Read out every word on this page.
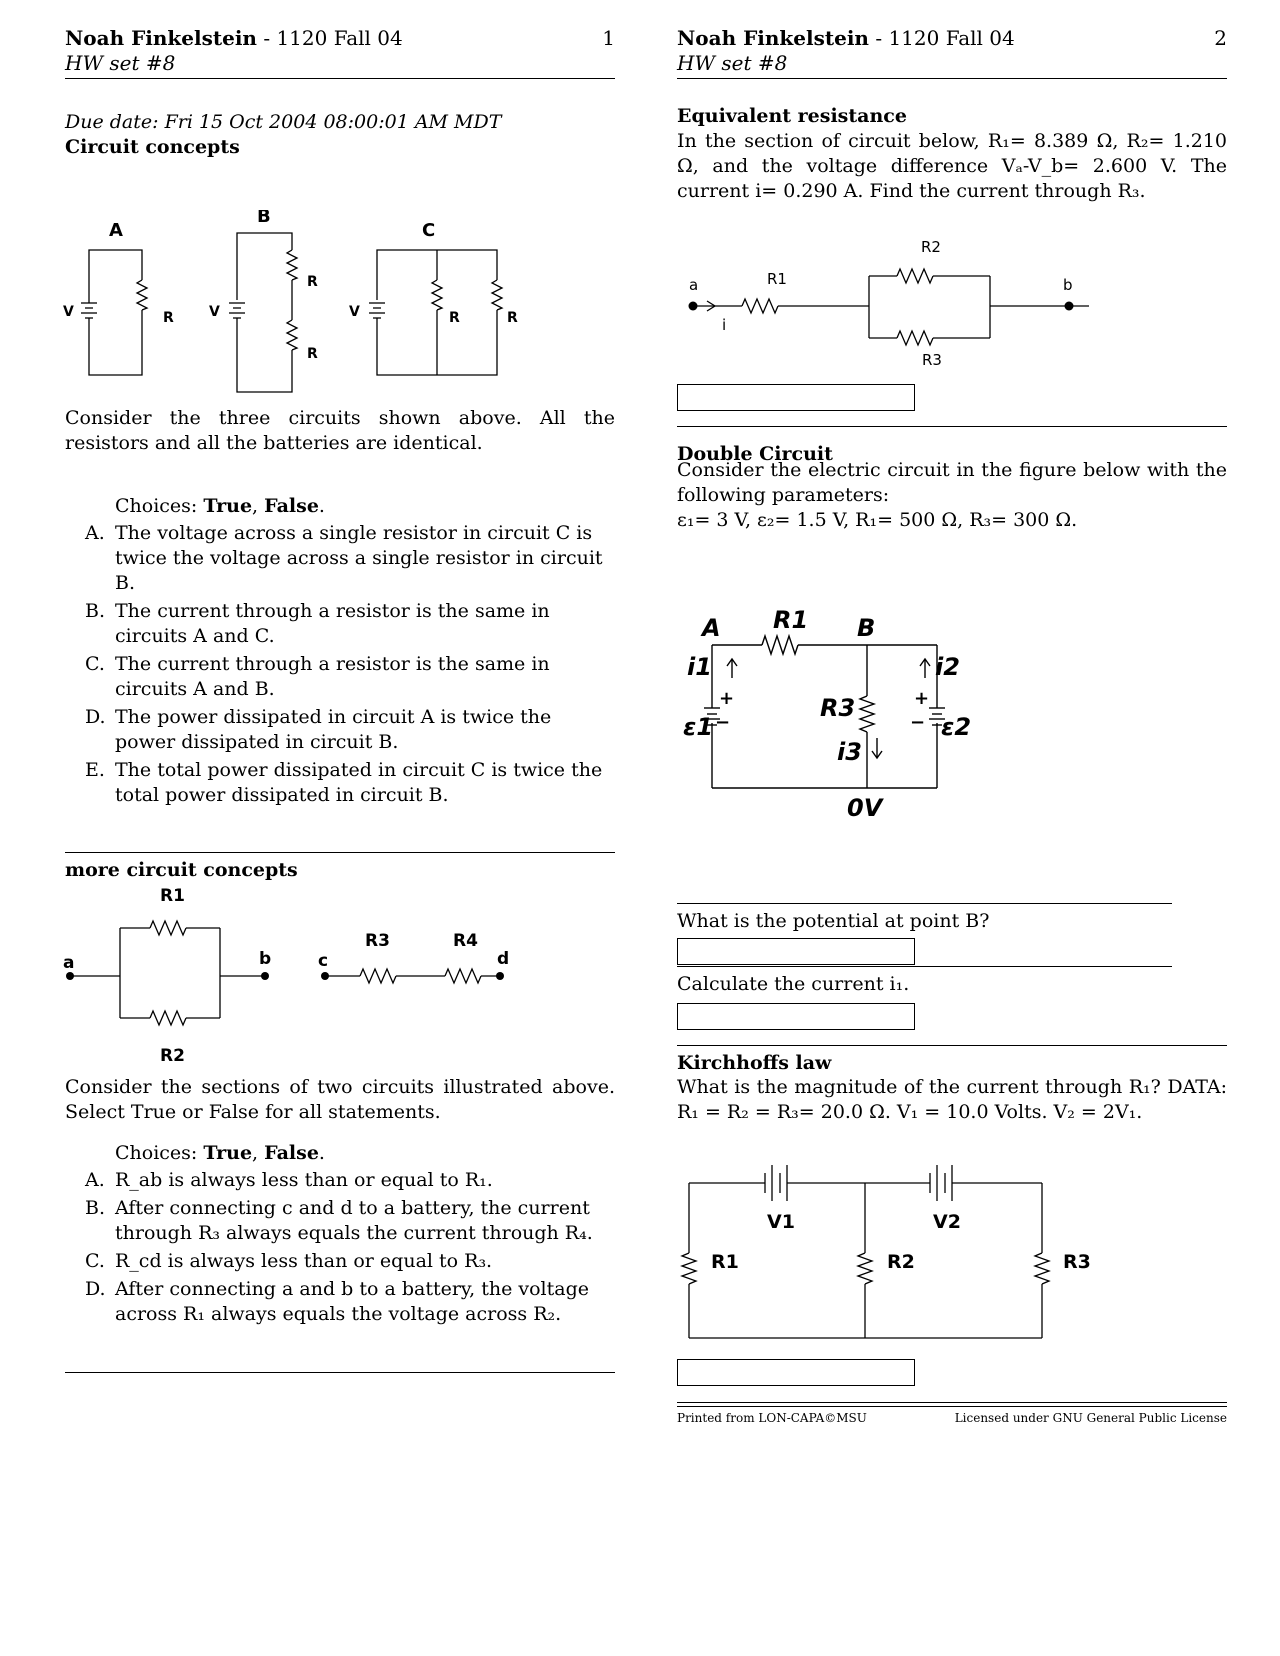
Noah Finkelstein - 1120 Fall 04
HW set #8
1
Due date: Fri 15 Oct 2004 08:00:01 AM MDT
Circuit concepts
A
B
C
V	V	V
R
R
R
R	R
Consider the three circuits shown above. All the resistors and all the batteries are identical.
Choices: True, False.
A. The voltage across a single resistor in circuit C is twice the voltage across a single resistor in circuit B.
B. The current through a resistor is the same in circuits A and C.
C. The current through a resistor is the same in circuits A and B.
D. The power dissipated in circuit A is twice the power dissipated in circuit B.
E. The total power dissipated in circuit C is twice the total power dissipated in circuit B.
more circuit concepts
R1
R2
R3	R4
a	b	c	d
Consider the sections of two circuits illustrated above. Select True or False for all statements.
Choices: True, False.
A. R_ab is always less than or equal to R₁.
B. After connecting c and d to a battery, the current through R₃ always equals the current through R₄.
C. R_cd is always less than or equal to R₃.
D. After connecting a and b to a battery, the voltage across R₁ always equals the voltage across R₂.
Noah Finkelstein - 1120 Fall 04
HW set #8
2
Equivalent resistance
In the section of circuit below, R₁= 8.389 Ω, R₂= 1.210 Ω, and the voltage difference Vₐ-V_b= 2.600 V. The current i= 0.290 A. Find the current through R₃.
a	b
i
R1
R2
R3
Double Circuit
Consider the electric circuit in the figure below with the following parameters:
ε₁= 3 V, ε₂= 1.5 V, R₁= 500 Ω, R₃= 300 Ω.
A	B
R1
R3
i1	i2
i3
ε1	ε2
0V
+
−
+
−
What is the potential at point B?
Calculate the current i₁.
Kirchhoffs law
What is the magnitude of the current through R₁? DATA: R₁ = R₂ = R₃= 20.0 Ω. V₁ = 10.0 Volts. V₂ = 2V₁.
R1	R2	R3
V1	V2
Printed from LON-CAPA©MSU	Licensed under GNU General Public License
